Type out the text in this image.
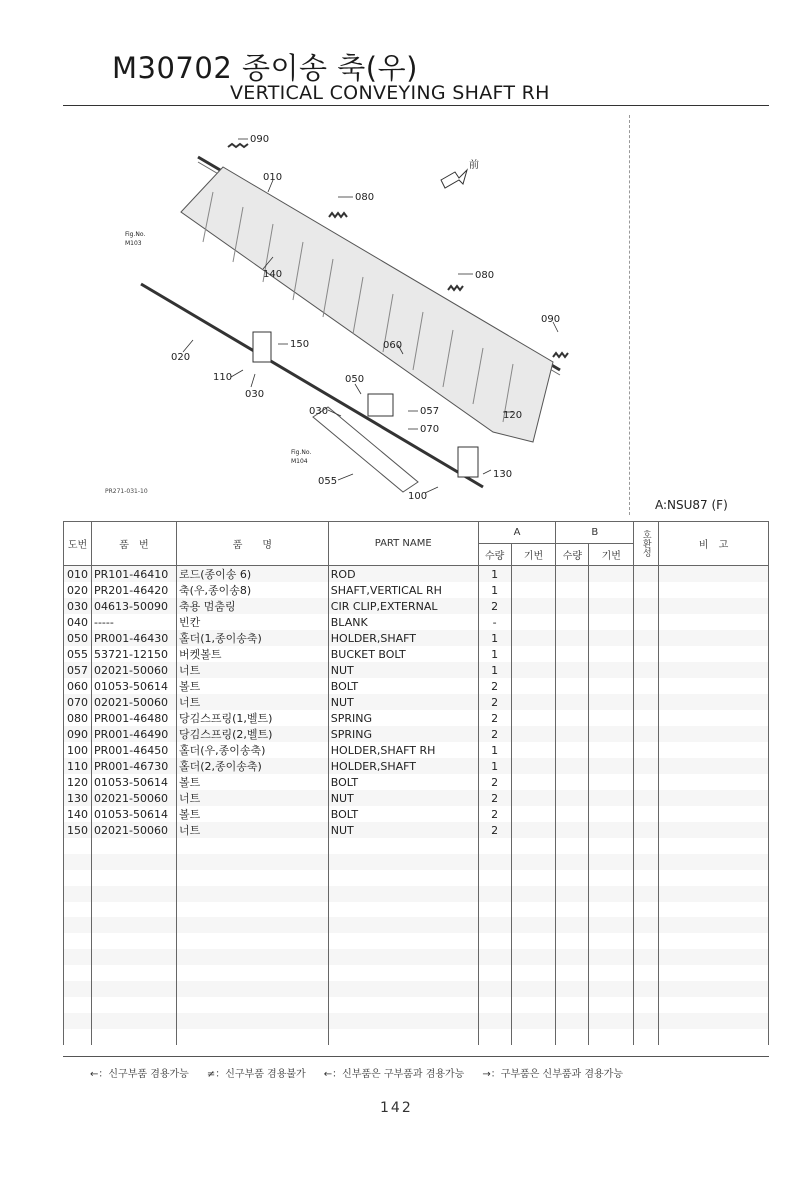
M30702 종이송 축(우)
VERTICAL CONVEYING SHAFT RH
前
090
010
080
080
090
140
150
020
110
030
060
050
030	057
070
120
055
100
130
Fig.No.
M103
Fig.No.
M104
PR271-031-10
A:NSU87 (F)
도번	품　번	품　　명	PART NAME	A		B		호환성	비　고
				수량	기번	수량	기번		
010	PR101-46410	로드(종이송 6)	ROD	1					
020	PR201-46420	축(우,종이송8)	SHAFT,VERTICAL RH	1					
030	04613-50090	축용 멈춤링	CIR CLIP,EXTERNAL	2					
040	-----	빈칸	BLANK	-					
050	PR001-46430	홀더(1,종이송축)	HOLDER,SHAFT	1					
055	53721-12150	버켓볼트	BUCKET BOLT	1					
057	02021-50060	너트	NUT	1					
060	01053-50614	볼트	BOLT	2					
070	02021-50060	너트	NUT	2					
080	PR001-46480	당김스프링(1,벨트)	SPRING	2					
090	PR001-46490	당김스프링(2,벨트)	SPRING	2					
100	PR001-46450	홀더(우,종이송축)	HOLDER,SHAFT RH	1					
110	PR001-46730	홀더(2,종이송축)	HOLDER,SHAFT	1					
120	01053-50614	볼트	BOLT	2					
130	02021-50060	너트	NUT	2					
140	01053-50614	볼트	BOLT	2					
150	02021-50060	너트	NUT	2					

←：신구부품 겸용가능 ≠：신구부품 겸용불가 ←：신부품은 구부품과 겸용가능 →：구부품은 신부품과 겸용가능
142
